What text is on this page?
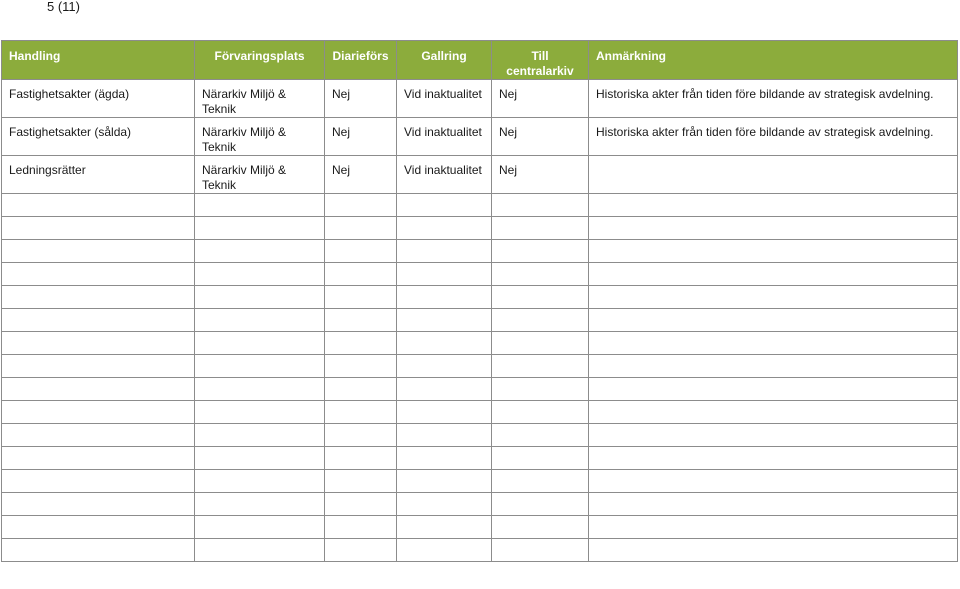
5 (11)
Handling	Förvaringsplats	Diarieförs	Gallring	Till centralarkiv	Anmärkning
Fastighetsakter (ägda)	Närarkiv Miljö & Teknik	Nej	Vid inaktualitet	Nej	Historiska akter från tiden före bildande av strategisk avdelning.
Fastighetsakter (sålda)	Närarkiv Miljö & Teknik	Nej	Vid inaktualitet	Nej	Historiska akter från tiden före bildande av strategisk avdelning.
Ledningsrätter	Närarkiv Miljö & Teknik	Nej	Vid inaktualitet	Nej	
